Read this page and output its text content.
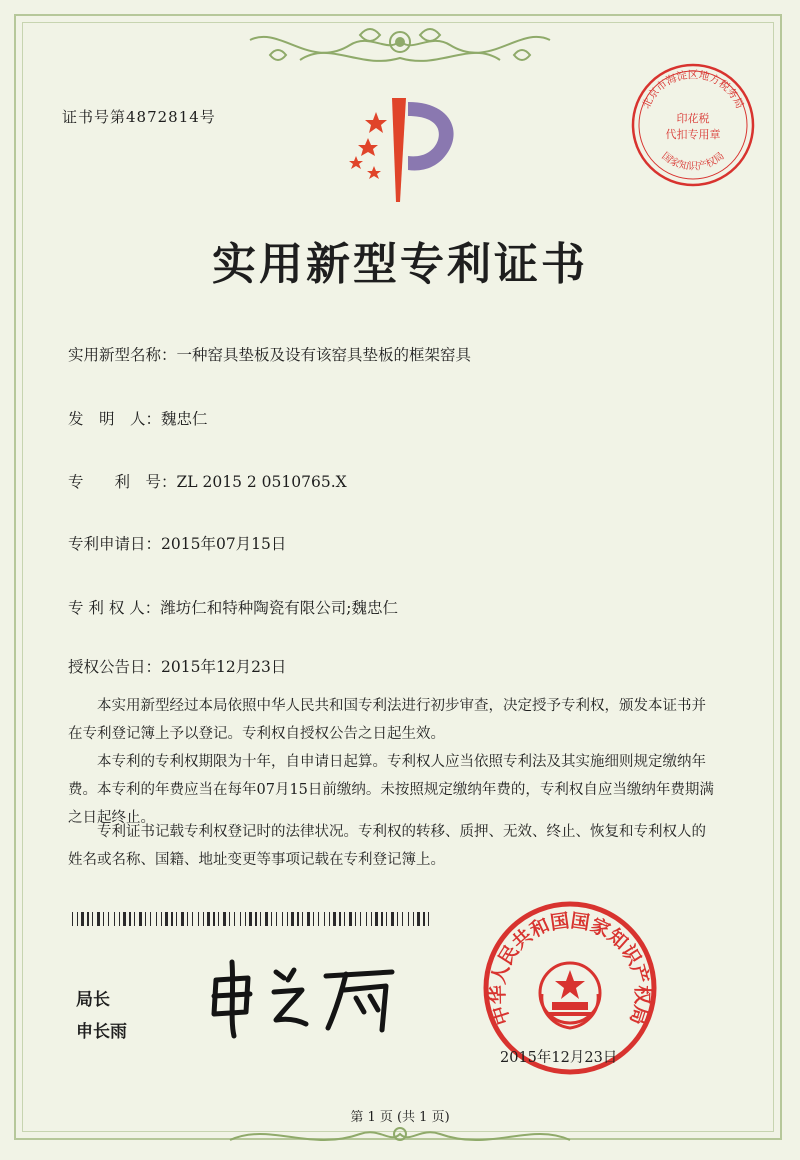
证书号第4872814号
北京市海淀区地方税务局
国家知识产权局
印花税
代扣专用章
实用新型专利证书
实用新型名称：一种窑具垫板及设有该窑具垫板的框架窑具
发　明　人：魏忠仁
专　　利　号：ZL 2015 2 0510765.X
专利申请日：2015年07月15日
专 利 权 人：潍坊仁和特种陶瓷有限公司;魏忠仁
授权公告日：2015年12月23日
本实用新型经过本局依照中华人民共和国专利法进行初步审查，决定授予专利权，颁发本证书并在专利登记簿上予以登记。专利权自授权公告之日起生效。
本专利的专利权期限为十年，自申请日起算。专利权人应当依照专利法及其实施细则规定缴纳年费。本专利的年费应当在每年07月15日前缴纳。未按照规定缴纳年费的，专利权自应当缴纳年费期满之日起终止。
专利证书记载专利权登记时的法律状况。专利权的转移、质押、无效、终止、恢复和专利权人的姓名或名称、国籍、地址变更等事项记载在专利登记簿上。
局长
申长雨
中华人民共和国国家知识产权局
2015年12月23日
第 1 页 (共 1 页)
